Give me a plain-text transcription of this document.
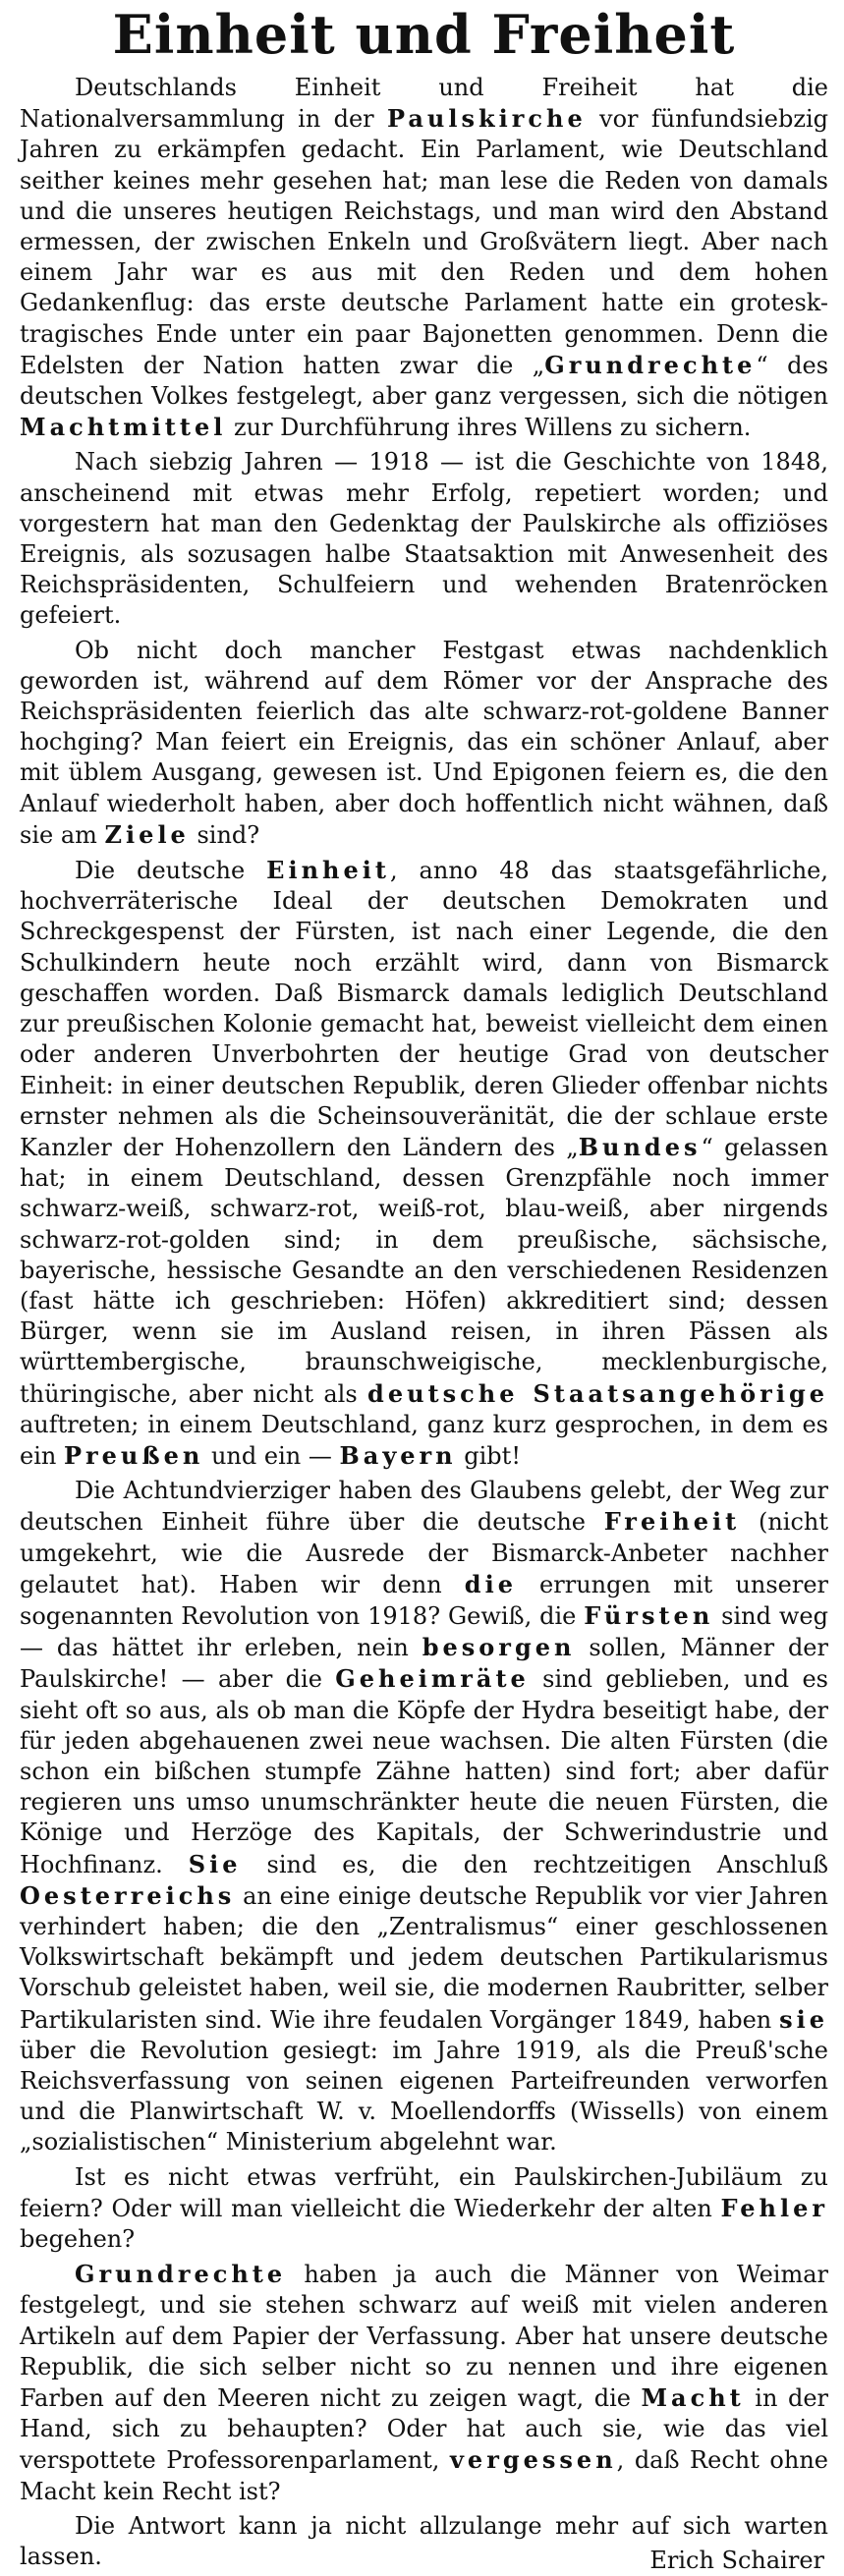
Einheit und Freiheit

Deutschlands Einheit und Freiheit hat die Nationalversammlung in der Paulskirche vor fünfundsiebzig Jahren zu erkämpfen gedacht. Ein Parlament, wie Deutschland seither keines mehr gesehen hat; man lese die Reden von damals und die unseres heutigen Reichstags, und man wird den Abstand ermessen, der zwischen Enkeln und Großvätern liegt. Aber nach einem Jahr war es aus mit den Reden und dem hohen Gedankenflug: das erste deutsche Parlament hatte ein grotesk-tragisches Ende unter ein paar Bajonetten genommen. Denn die Edelsten der Nation hatten zwar die „Grundrechte“ des deutschen Volkes festgelegt, aber ganz vergessen, sich die nötigen Machtmittel zur Durchführung ihres Willens zu sichern.

Nach siebzig Jahren — 1918 — ist die Geschichte von 1848, anscheinend mit etwas mehr Erfolg, repetiert worden; und vorgestern hat man den Gedenktag der Paulskirche als offiziöses Ereignis, als sozusagen halbe Staatsaktion mit Anwesenheit des Reichspräsidenten, Schulfeiern und wehenden Bratenröcken gefeiert.

Ob nicht doch mancher Festgast etwas nachdenklich geworden ist, während auf dem Römer vor der Ansprache des Reichspräsidenten feierlich das alte schwarz-rot-goldene Banner hochging? Man feiert ein Ereignis, das ein schöner Anlauf, aber mit üblem Ausgang, gewesen ist. Und Epigonen feiern es, die den Anlauf wiederholt haben, aber doch hoffentlich nicht wähnen, daß sie am Ziele sind?

Die deutsche Einheit, anno 48 das staatsgefährliche, hochverräterische Ideal der deutschen Demokraten und Schreckgespenst der Fürsten, ist nach einer Legende, die den Schulkindern heute noch erzählt wird, dann von Bismarck geschaffen worden. Daß Bismarck damals lediglich Deutschland zur preußischen Kolonie gemacht hat, beweist vielleicht dem einen oder anderen Unverbohrten der heutige Grad von deutscher Einheit: in einer deutschen Republik, deren Glieder offenbar nichts ernster nehmen als die Scheinsouveränität, die der schlaue erste Kanzler der Hohenzollern den Ländern des „Bundes“ gelassen hat; in einem Deutschland, dessen Grenzpfähle noch immer schwarz-weiß, schwarz-rot, weiß-rot, blau-weiß, aber nirgends schwarz-rot-golden sind; in dem preußische, sächsische, bayerische, hessische Gesandte an den verschiedenen Residenzen (fast hätte ich geschrieben: Höfen) akkreditiert sind; dessen Bürger, wenn sie im Ausland reisen, in ihren Pässen als württembergische, braunschweigische, mecklenburgische, thüringische, aber nicht als deutsche Staatsangehörige auftreten; in einem Deutschland, ganz kurz gesprochen, in dem es ein Preußen und ein — Bayern gibt!

Die Achtundvierziger haben des Glaubens gelebt, der Weg zur deutschen Einheit führe über die deutsche Freiheit (nicht umgekehrt, wie die Ausrede der Bismarck-Anbeter nachher gelautet hat). Haben wir denn die errungen mit unserer sogenannten Revolution von 1918? Gewiß, die Fürsten sind weg — das hättet ihr erleben, nein besorgen sollen, Männer der Paulskirche! — aber die Geheimräte sind geblieben, und es sieht oft so aus, als ob man die Köpfe der Hydra beseitigt habe, der für jeden abgehauenen zwei neue wachsen. Die alten Fürsten (die schon ein bißchen stumpfe Zähne hatten) sind fort; aber dafür regieren uns umso unumschränkter heute die neuen Fürsten, die Könige und Herzöge des Kapitals, der Schwerindustrie und Hochfinanz. Sie sind es, die den rechtzeitigen Anschluß Oesterreichs an eine einige deutsche Republik vor vier Jahren verhindert haben; die den „Zentralismus“ einer geschlossenen Volkswirtschaft bekämpft und jedem deutschen Partikularismus Vorschub geleistet haben, weil sie, die modernen Raubritter, selber Partikularisten sind. Wie ihre feudalen Vorgänger 1849, haben sie über die Revolution gesiegt: im Jahre 1919, als die Preuß'sche Reichsverfassung von seinen eigenen Parteifreunden verworfen und die Planwirtschaft W. v. Moellendorffs (Wissells) von einem „sozialistischen“ Ministerium abgelehnt war.

Ist es nicht etwas verfrüht, ein Paulskirchen-Jubiläum zu feiern? Oder will man vielleicht die Wiederkehr der alten Fehler begehen?

Grundrechte haben ja auch die Männer von Weimar festgelegt, und sie stehen schwarz auf weiß mit vielen anderen Artikeln auf dem Papier der Verfassung. Aber hat unsere deutsche Republik, die sich selber nicht so zu nennen und ihre eigenen Farben auf den Meeren nicht zu zeigen wagt, die Macht in der Hand, sich zu behaupten? Oder hat auch sie, wie das viel verspottete Professorenparlament, vergessen, daß Recht ohne Macht kein Recht ist?

Die Antwort kann ja nicht allzulange mehr auf sich warten lassen.	Erich Schairer
